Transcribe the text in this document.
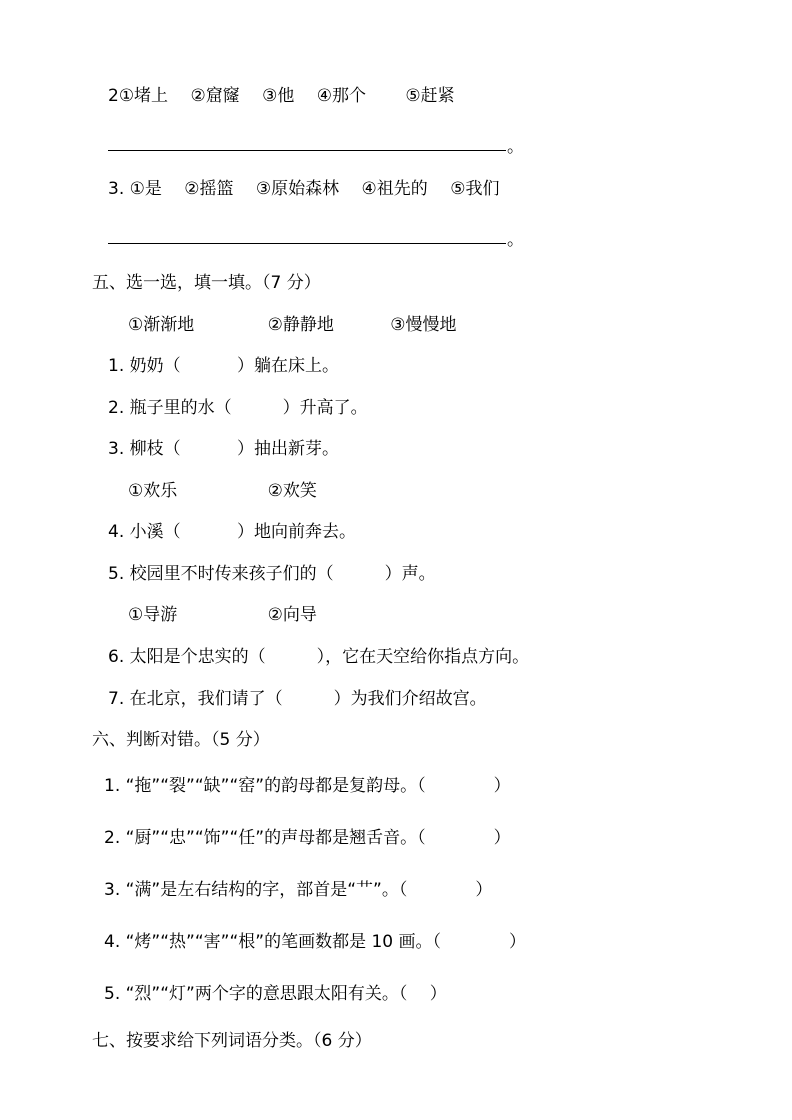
2①堵上　 ②窟窿　 ③他　 ④那个　　 ⑤赶紧
。
3. ①是　 ②摇篮　 ③原始森林　 ④祖先的　 ⑤我们
。
五、选一选，填一填。（7 分）
①渐渐地　　　　 ②静静地　　　 ③慢慢地
1. 奶奶（　　　 ）躺在床上。
2. 瓶子里的水（　　　）升高了。
3. 柳枝（　　　 ）抽出新芽。
①欢乐　　　　　 ②欢笑
4. 小溪（　　　 ）地向前奔去。
5. 校园里不时传来孩子们的（　　　）声。
①导游　　　　　 ②向导
6. 太阳是个忠实的（　　　），它在天空给你指点方向。
7. 在北京，我们请了（　　　）为我们介绍故宫。
六、判断对错。（5 分）
1. “拖”“裂”“缺”“窑”的韵母都是复韵母。（　　　　）
2. “厨”“忠”“饰”“任”的声母都是翘舌音。（　　　　）
3. “满”是左右结构的字，部首是“艹”。（　　　　）
4. “烤”“热”“害”“根”的笔画数都是 10 画。（　　　　）
5. “烈”“灯”两个字的意思跟太阳有关。（　 ）
七、按要求给下列词语分类。（6 分）
